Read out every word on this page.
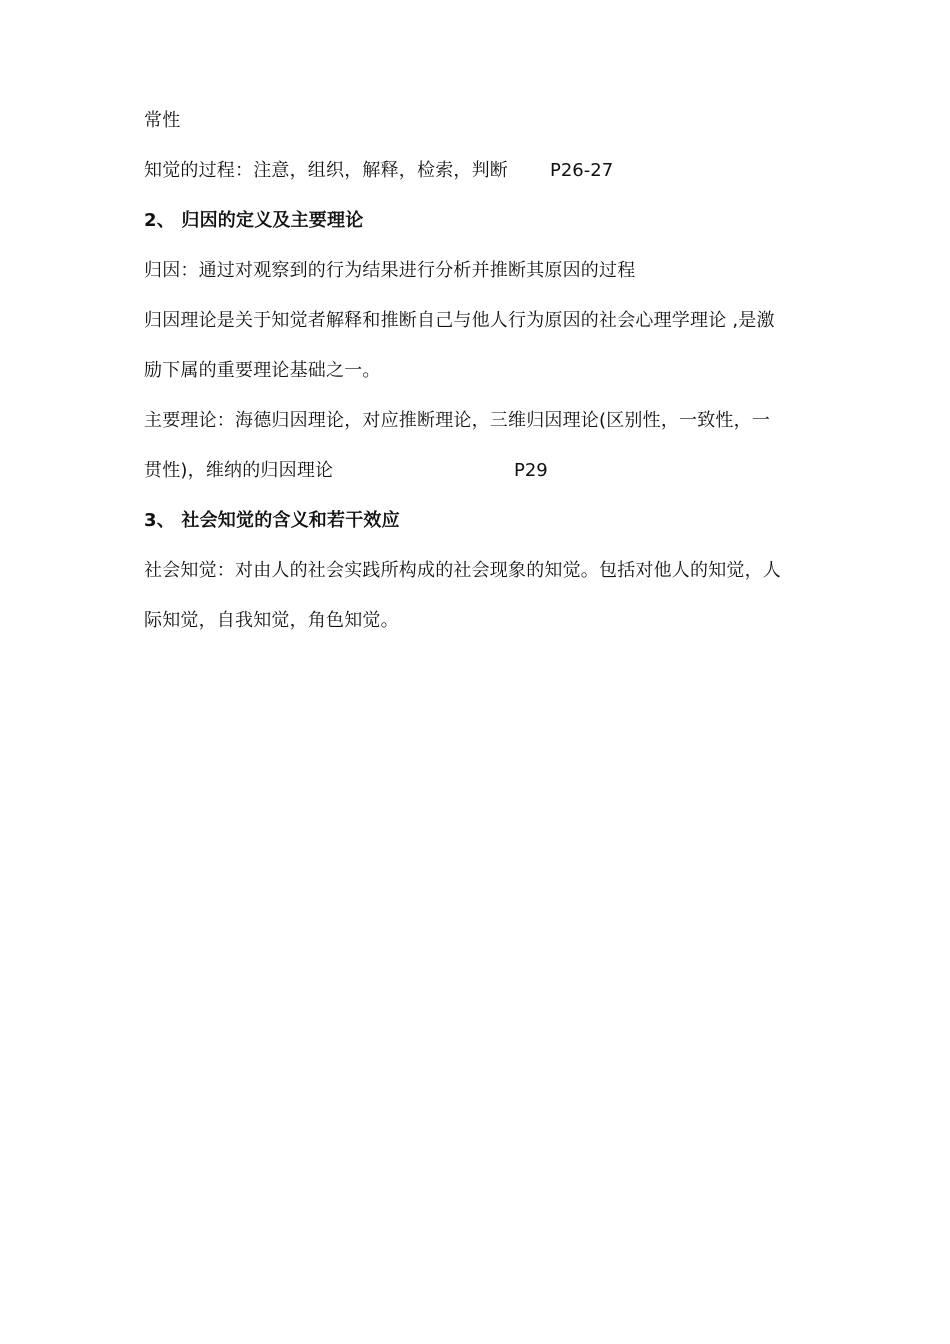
常性
知觉的过程：注意，组织，解释，检索，判断 P26-27
2、 归因的定义及主要理论
归因：通过对观察到的行为结果进行分析并推断其原因的过程
归因理论是关于知觉者解释和推断自己与他人行为原因的社会心理学理论 ,是激
励下属的重要理论基础之一。
主要理论：海德归因理论，对应推断理论，三维归因理论(区别性，一致性，一
贯性)，维纳的归因理论	P29
3、 社会知觉的含义和若干效应
社会知觉：对由人的社会实践所构成的社会现象的知觉。包括对他人的知觉，人
际知觉，自我知觉，角色知觉。
